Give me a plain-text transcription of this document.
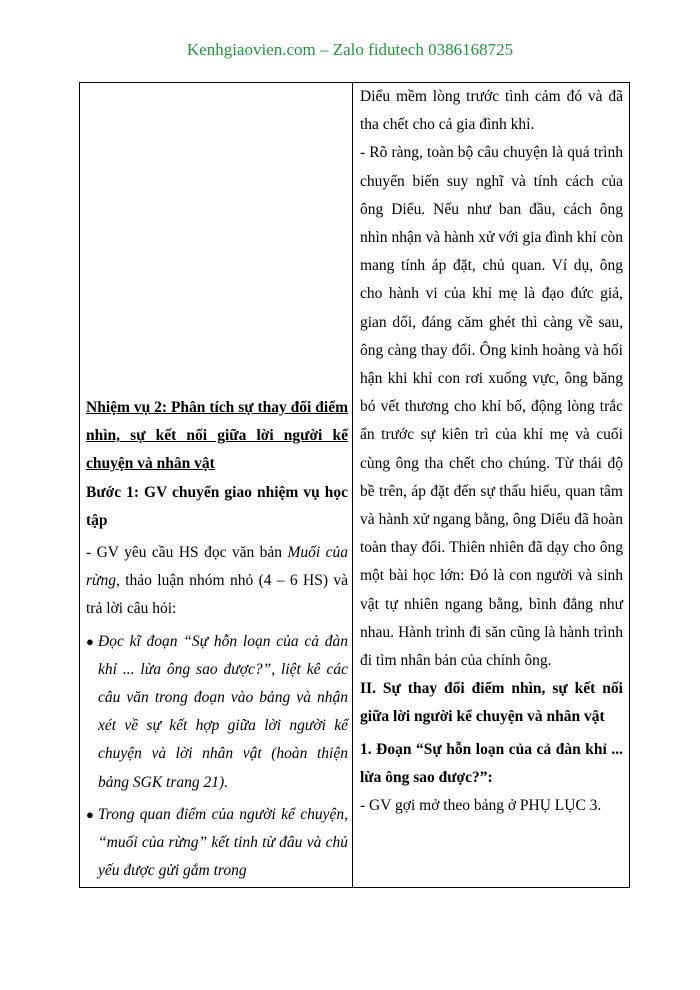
Kenhgiaovien.com – Zalo fidutech 0386168725

Nhiệm vụ 2: Phân tích sự thay đổi điểm nhìn, sự kết nối giữa lời người kể chuyện và nhân vật

Bước 1: GV chuyển giao nhiệm vụ học tập

- GV yêu cầu HS đọc văn bản Muối của rừng, thảo luận nhóm nhỏ (4 – 6 HS) và trả lời câu hỏi:

● Đọc kĩ đoạn “Sự hỗn loạn của cả đàn khỉ ... lừa ông sao được?”, liệt kê các câu văn trong đoạn vào bảng và nhận xét về sự kết hợp giữa lời người kể chuyện và lời nhân vật (hoàn thiện bảng SGK trang 21).
● Trong quan điểm của người kể chuyện, “muối của rừng” kết tinh từ đâu và chủ yếu được gửi gắm trong

Diểu mềm lòng trước tình cảm đó và đã tha chết cho cả gia đình khỉ.

- Rõ ràng, toàn bộ câu chuyện là quá trình chuyển biến suy nghĩ và tính cách của ông Diểu. Nếu như ban đầu, cách ông nhìn nhận và hành xử với gia đình khỉ còn mang tính áp đặt, chủ quan. Ví dụ, ông cho hành vi của khỉ mẹ là đạo đức giả, gian dối, đáng căm ghét thì càng về sau, ông càng thay đổi. Ông kinh hoàng và hối hận khi khỉ con rơi xuống vực, ông băng bó vết thương cho khỉ bố, động lòng trắc ẩn trước sự kiên trì của khỉ mẹ và cuối cùng ông tha chết cho chúng. Từ thái độ bề trên, áp đặt đến sự thấu hiểu, quan tâm và hành xử ngang bằng, ông Diểu đã hoàn toàn thay đổi. Thiên nhiên đã dạy cho ông một bài học lớn: Đó là con người và sinh vật tự nhiên ngang bằng, bình đẳng như nhau. Hành trình đi săn cũng là hành trình đi tìm nhân bản của chính ông.

II. Sự thay đổi điểm nhìn, sự kết nối giữa lời người kể chuyện và nhân vật

1. Đoạn “Sự hỗn loạn của cả đàn khỉ ... lừa ông sao được?”:

- GV gợi mở theo bảng ở PHỤ LỤC 3.
